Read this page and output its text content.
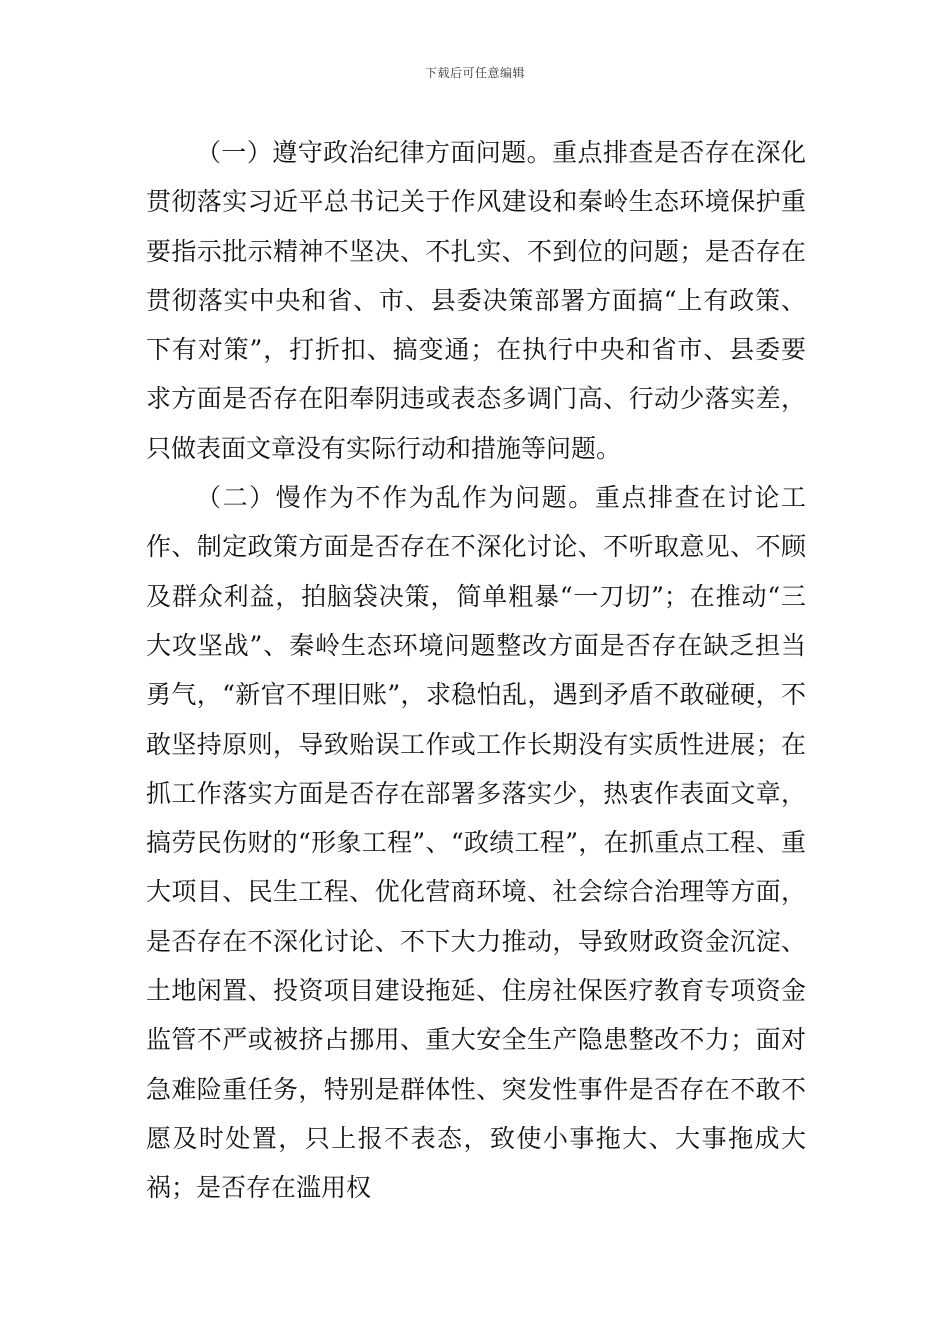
下载后可任意编辑

（一）遵守政治纪律方面问题。重点排查是否存在深化贯彻落实习近平总书记关于作风建设和秦岭生态环境保护重要指示批示精神不坚决、不扎实、不到位的问题；是否存在贯彻落实中央和省、市、县委决策部署方面搞“上有政策、下有对策”，打折扣、搞变通；在执行中央和省市、县委要求方面是否存在阳奉阴违或表态多调门高、行动少落实差，只做表面文章没有实际行动和措施等问题。

（二）慢作为不作为乱作为问题。重点排查在讨论工作、制定政策方面是否存在不深化讨论、不听取意见、不顾及群众利益，拍脑袋决策，简单粗暴“一刀切”；在推动“三大攻坚战”、秦岭生态环境问题整改方面是否存在缺乏担当勇气，“新官不理旧账”，求稳怕乱，遇到矛盾不敢碰硬，不敢坚持原则，导致贻误工作或工作长期没有实质性进展；在抓工作落实方面是否存在部署多落实少，热衷作表面文章，搞劳民伤财的“形象工程”、“政绩工程”，在抓重点工程、重大项目、民生工程、优化营商环境、社会综合治理等方面，是否存在不深化讨论、不下大力推动，导致财政资金沉淀、土地闲置、投资项目建设拖延、住房社保医疗教育专项资金监管不严或被挤占挪用、重大安全生产隐患整改不力；面对急难险重任务，特别是群体性、突发性事件是否存在不敢不愿及时处置，只上报不表态，致使小事拖大、大事拖成大祸；是否存在滥用权
